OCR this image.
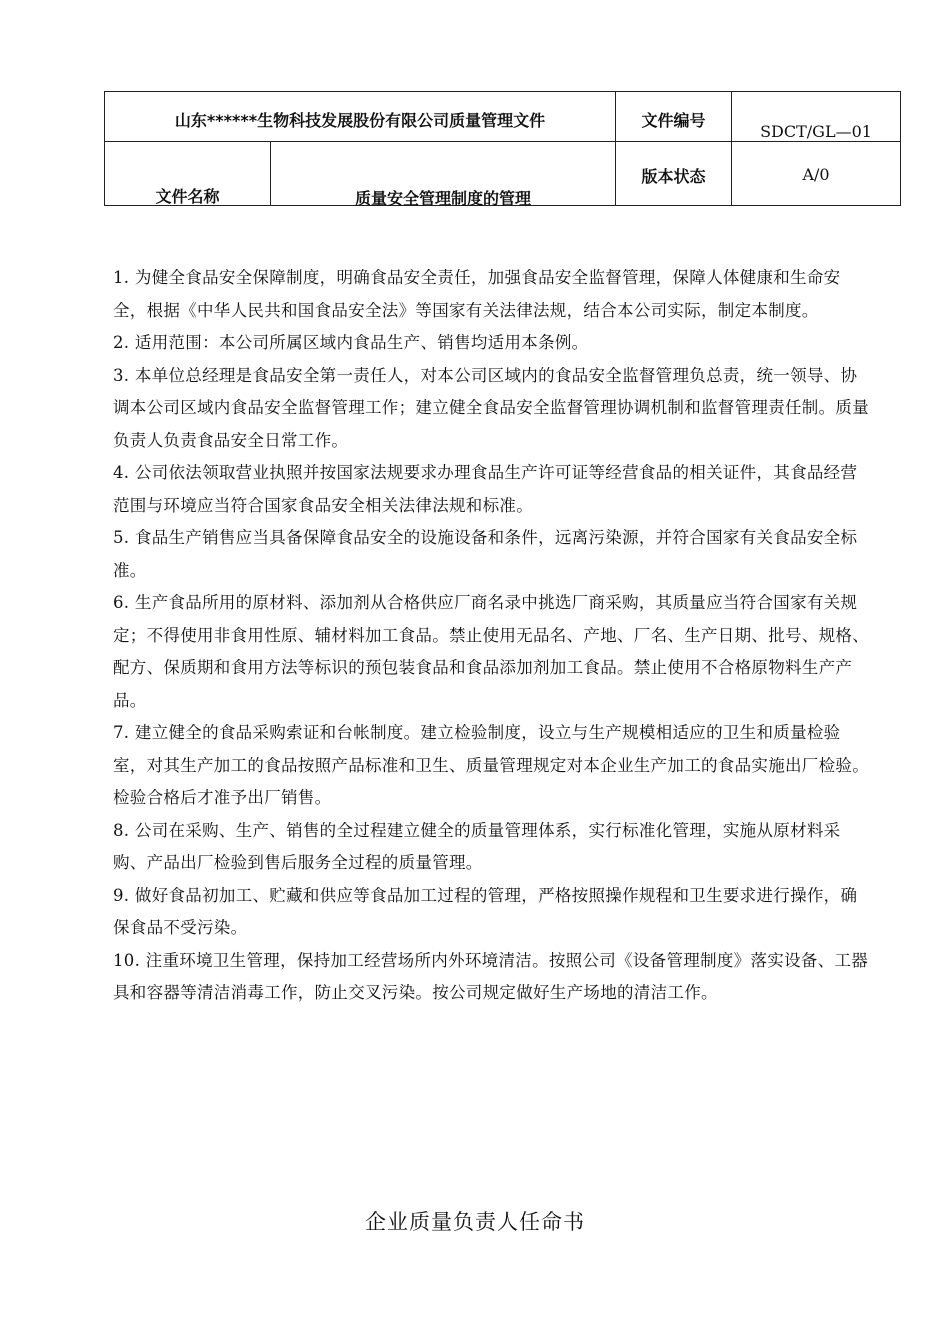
山东******生物科技发展股份有限公司质量管理文件		文件编号	SDCT/GL—01

文件名称	质量安全管理制度的管理	版本状态	A/0

1. 为健全食品安全保障制度，明确食品安全责任，加强食品安全监督管理，保障人体健康和生命安全，根据《中华人民共和国食品安全法》等国家有关法律法规，结合本公司实际，制定本制度。

2. 适用范围：本公司所属区域内食品生产、销售均适用本条例。

3. 本单位总经理是食品安全第一责任人，对本公司区域内的食品安全监督管理负总责，统一领导、协调本公司区域内食品安全监督管理工作；建立健全食品安全监督管理协调机制和监督管理责任制。质量负责人负责食品安全日常工作。

4. 公司依法领取营业执照并按国家法规要求办理食品生产许可证等经营食品的相关证件，其食品经营范围与环境应当符合国家食品安全相关法律法规和标准。

5. 食品生产销售应当具备保障食品安全的设施设备和条件，远离污染源，并符合国家有关食品安全标准。

6. 生产食品所用的原材料、添加剂从合格供应厂商名录中挑选厂商采购，其质量应当符合国家有关规定；不得使用非食用性原、辅材料加工食品。禁止使用无品名、产地、厂名、生产日期、批号、规格、配方、保质期和食用方法等标识的预包装食品和食品添加剂加工食品。禁止使用不合格原物料生产产品。

7. 建立健全的食品采购索证和台帐制度。建立检验制度，设立与生产规模相适应的卫生和质量检验室，对其生产加工的食品按照产品标准和卫生、质量管理规定对本企业生产加工的食品实施出厂检验。检验合格后才准予出厂销售。

8. 公司在采购、生产、销售的全过程建立健全的质量管理体系，实行标准化管理，实施从原材料采购、产品出厂检验到售后服务全过程的质量管理。

9. 做好食品初加工、贮藏和供应等食品加工过程的管理，严格按照操作规程和卫生要求进行操作，确保食品不受污染。

10. 注重环境卫生管理，保持加工经营场所内外环境清洁。按照公司《设备管理制度》落实设备、工器具和容器等清洁消毒工作，防止交叉污染。按公司规定做好生产场地的清洁工作。

企业质量负责人任命书
